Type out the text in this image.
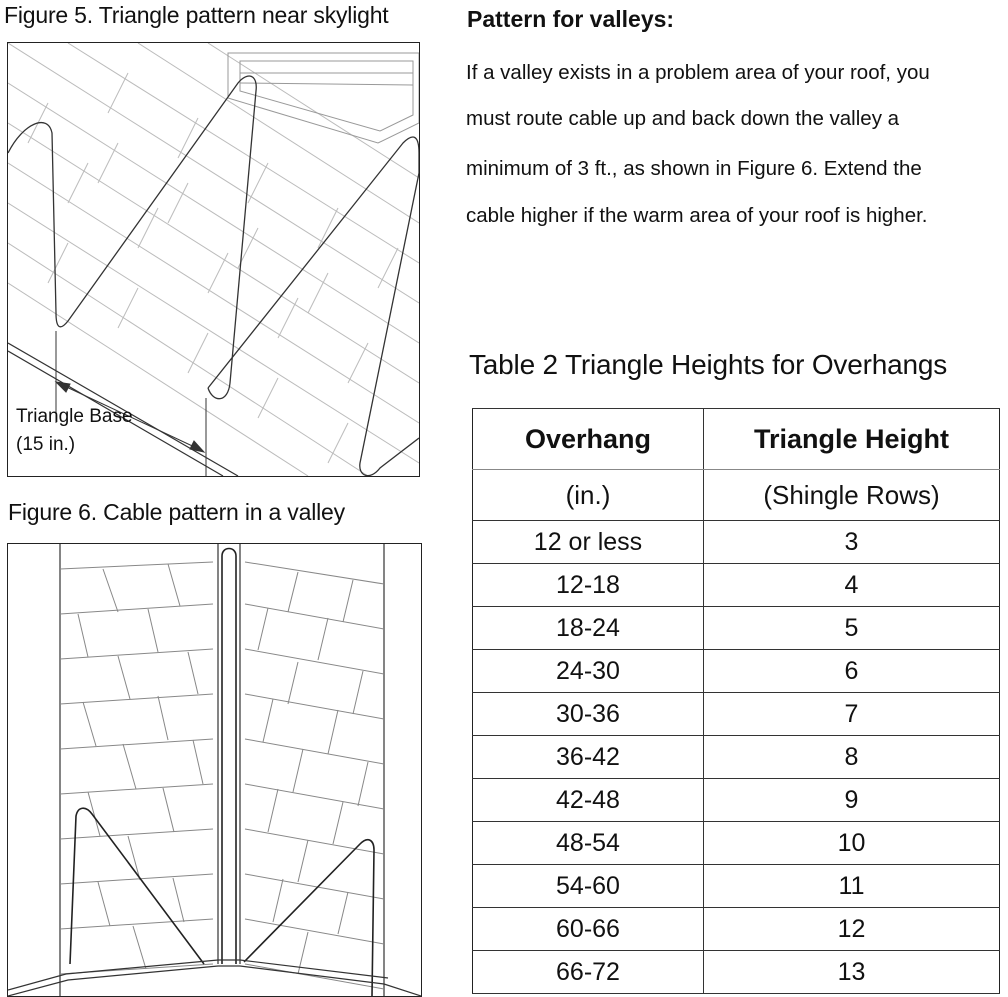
Figure 5. Triangle pattern near skylight
Triangle Base
(15 in.)
Figure 6. Cable pattern in a valley
Pattern for valleys:
If a valley exists in a problem area of your roof, you
must route cable up and back down the valley a
minimum of 3 ft., as shown in Figure 6. Extend the
cable higher if the warm area of your roof is higher.
Table 2 Triangle Heights for Overhangs
Overhang	Triangle Height
(in.)	(Shingle Rows)
12 or less	3
12-18	4
18-24	5
24-30	6
30-36	7
36-42	8
42-48	9
48-54	10
54-60	11
60-66	12
66-72	13
